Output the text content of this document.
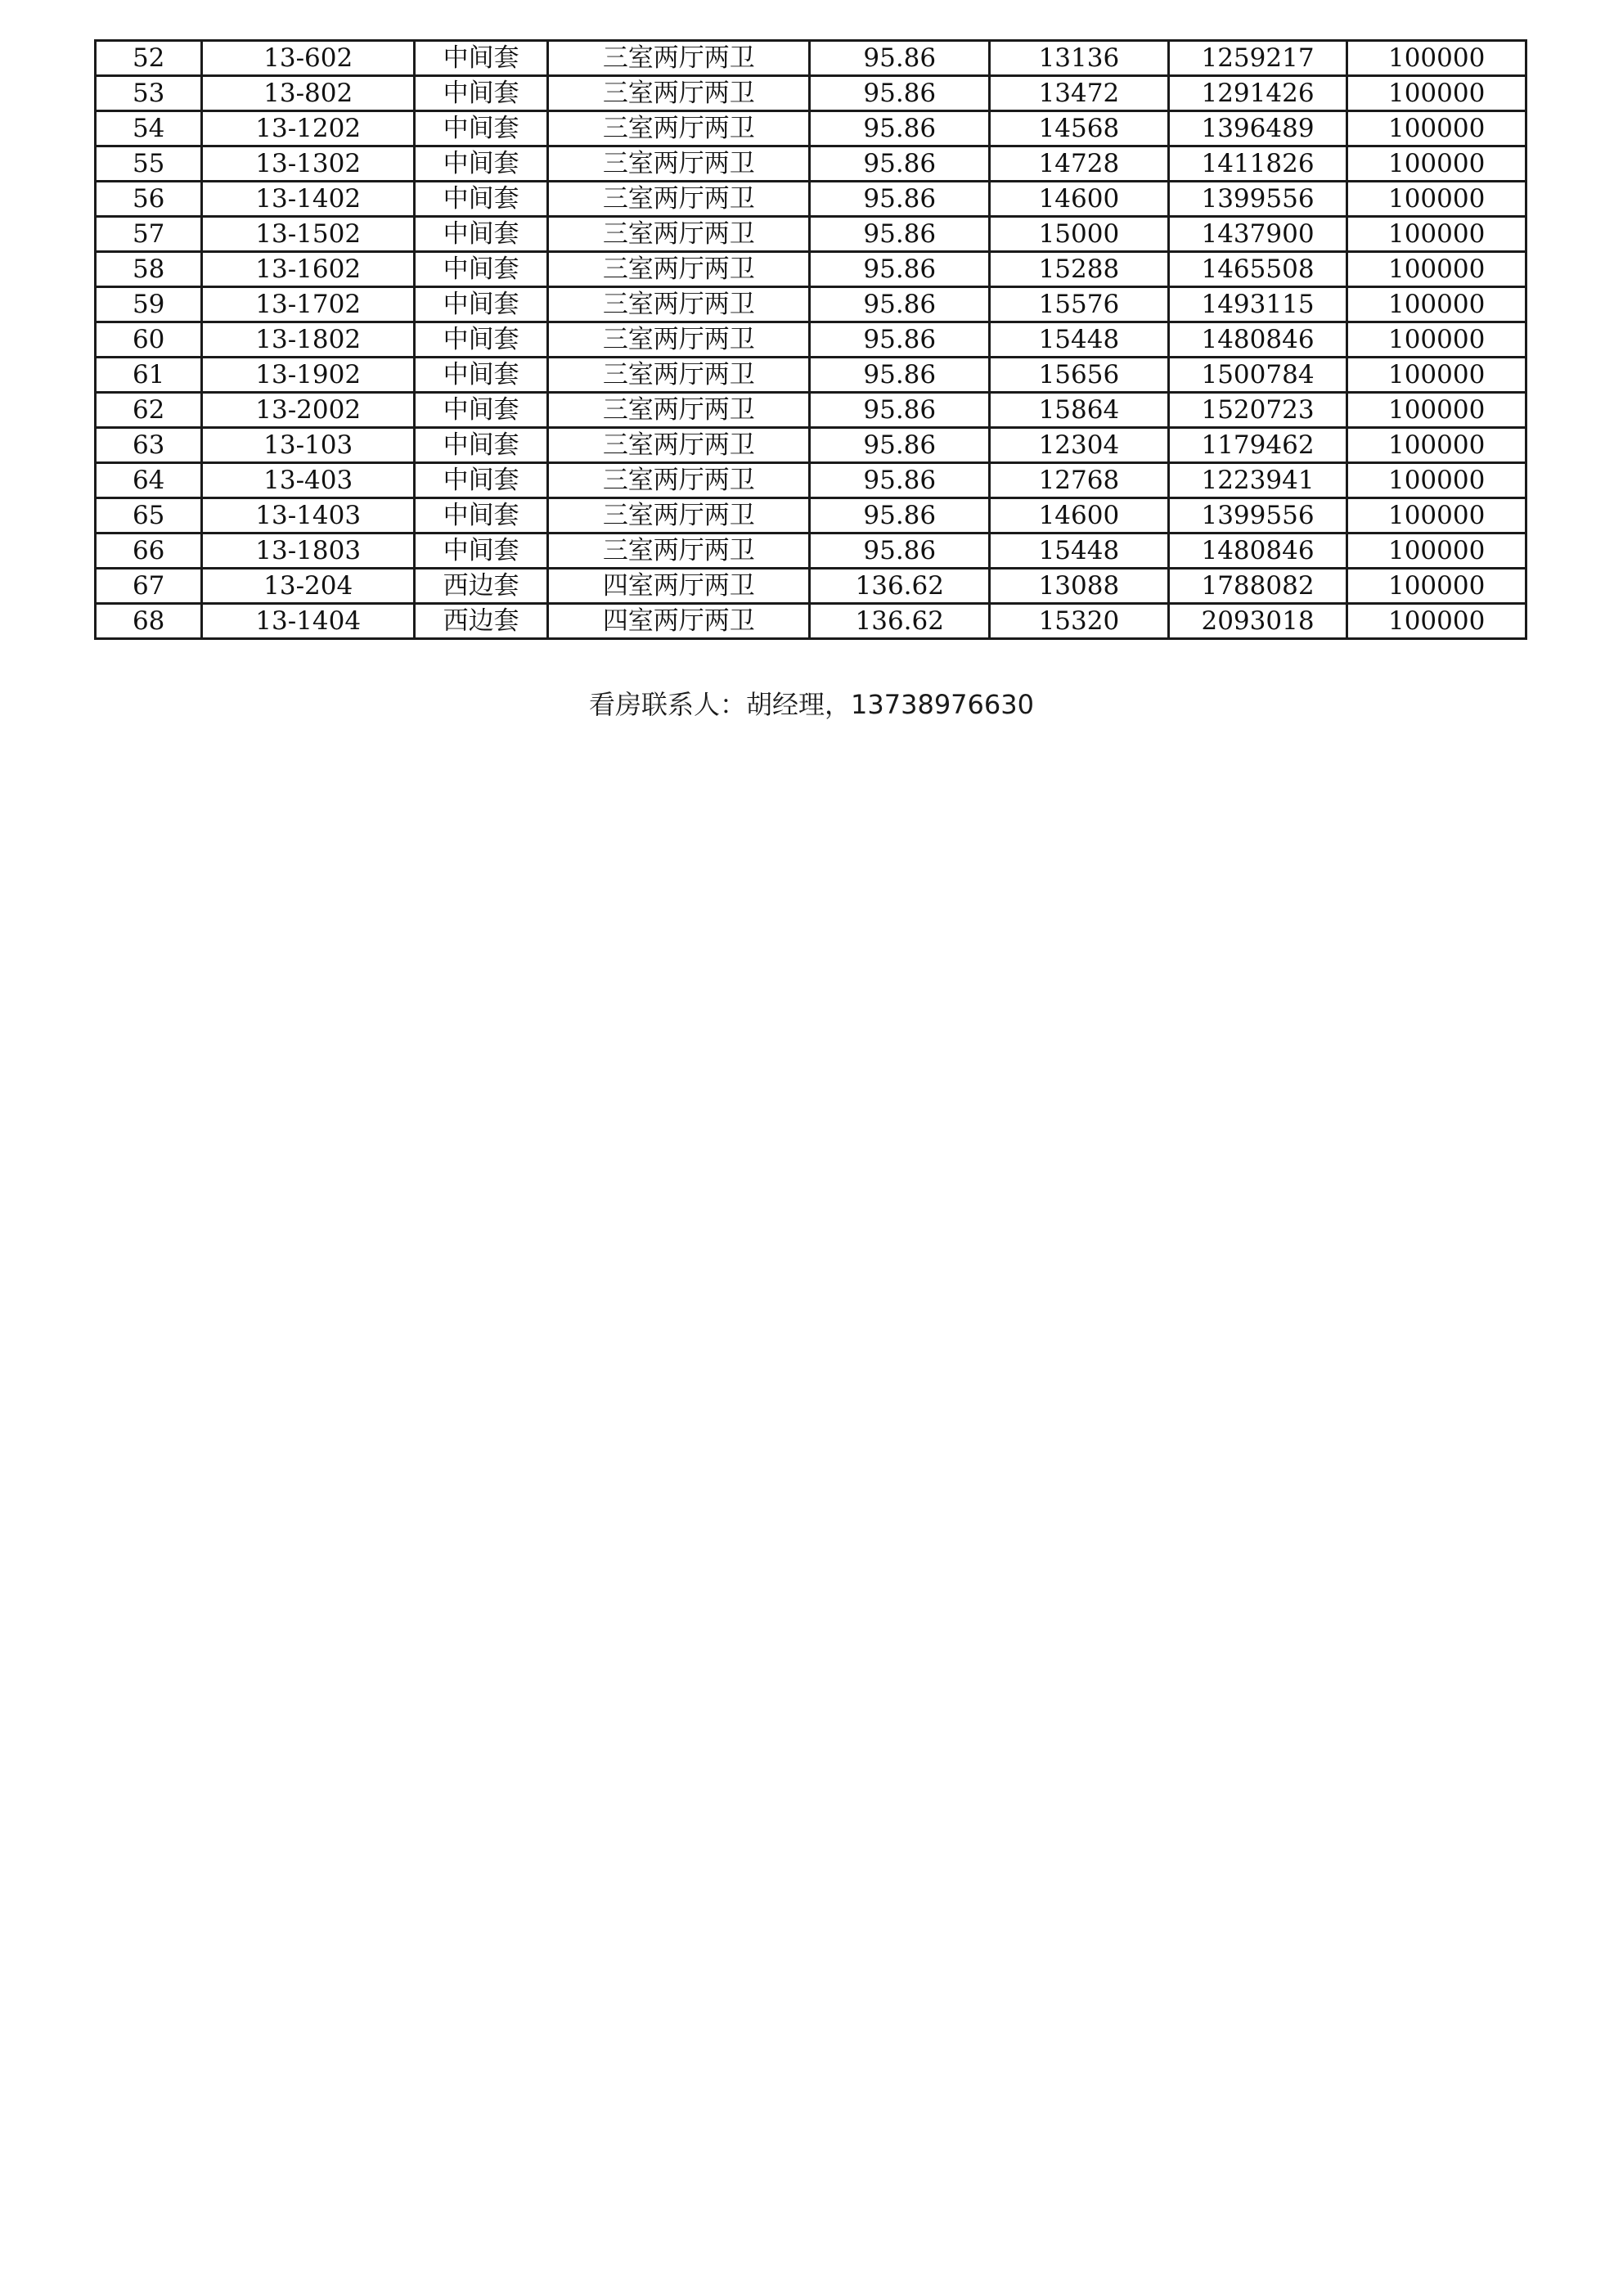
52	13-602	中间套	三室两厅两卫	95.86	13136	1259217	100000
53	13-802	中间套	三室两厅两卫	95.86	13472	1291426	100000
54	13-1202	中间套	三室两厅两卫	95.86	14568	1396489	100000
55	13-1302	中间套	三室两厅两卫	95.86	14728	1411826	100000
56	13-1402	中间套	三室两厅两卫	95.86	14600	1399556	100000
57	13-1502	中间套	三室两厅两卫	95.86	15000	1437900	100000
58	13-1602	中间套	三室两厅两卫	95.86	15288	1465508	100000
59	13-1702	中间套	三室两厅两卫	95.86	15576	1493115	100000
60	13-1802	中间套	三室两厅两卫	95.86	15448	1480846	100000
61	13-1902	中间套	三室两厅两卫	95.86	15656	1500784	100000
62	13-2002	中间套	三室两厅两卫	95.86	15864	1520723	100000
63	13-103	中间套	三室两厅两卫	95.86	12304	1179462	100000
64	13-403	中间套	三室两厅两卫	95.86	12768	1223941	100000
65	13-1403	中间套	三室两厅两卫	95.86	14600	1399556	100000
66	13-1803	中间套	三室两厅两卫	95.86	15448	1480846	100000
67	13-204	西边套	四室两厅两卫	136.62	13088	1788082	100000
68	13-1404	西边套	四室两厅两卫	136.62	15320	2093018	100000
看房联系人：胡经理，13738976630
